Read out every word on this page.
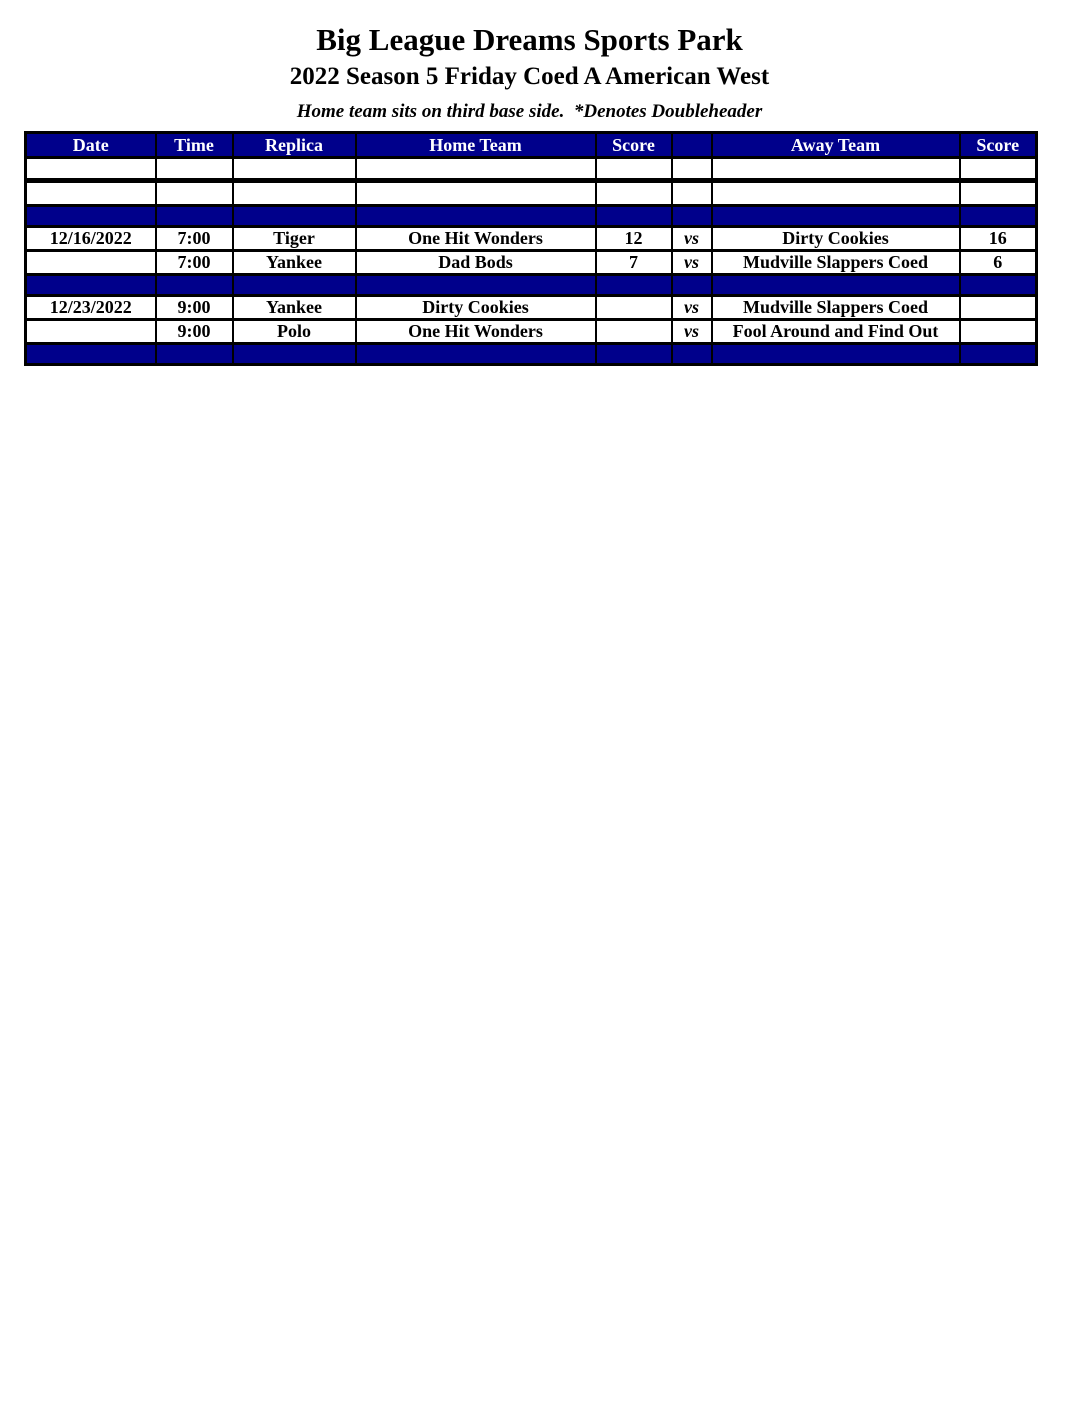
Big League Dreams Sports Park
2022 Season 5 Friday Coed A American West
Home team sits on third base side.  *Denotes Doubleheader
Date	Time	Replica	Home Team	Score		Away Team	Score

12/16/2022	7:00	Tiger	One Hit Wonders	12	vs	Dirty Cookies	16
	7:00	Yankee	Dad Bods	7	vs	Mudville Slappers Coed	6

12/23/2022	9:00	Yankee	Dirty Cookies		vs	Mudville Slappers Coed	
	9:00	Polo	One Hit Wonders		vs	Fool Around and Find Out	
